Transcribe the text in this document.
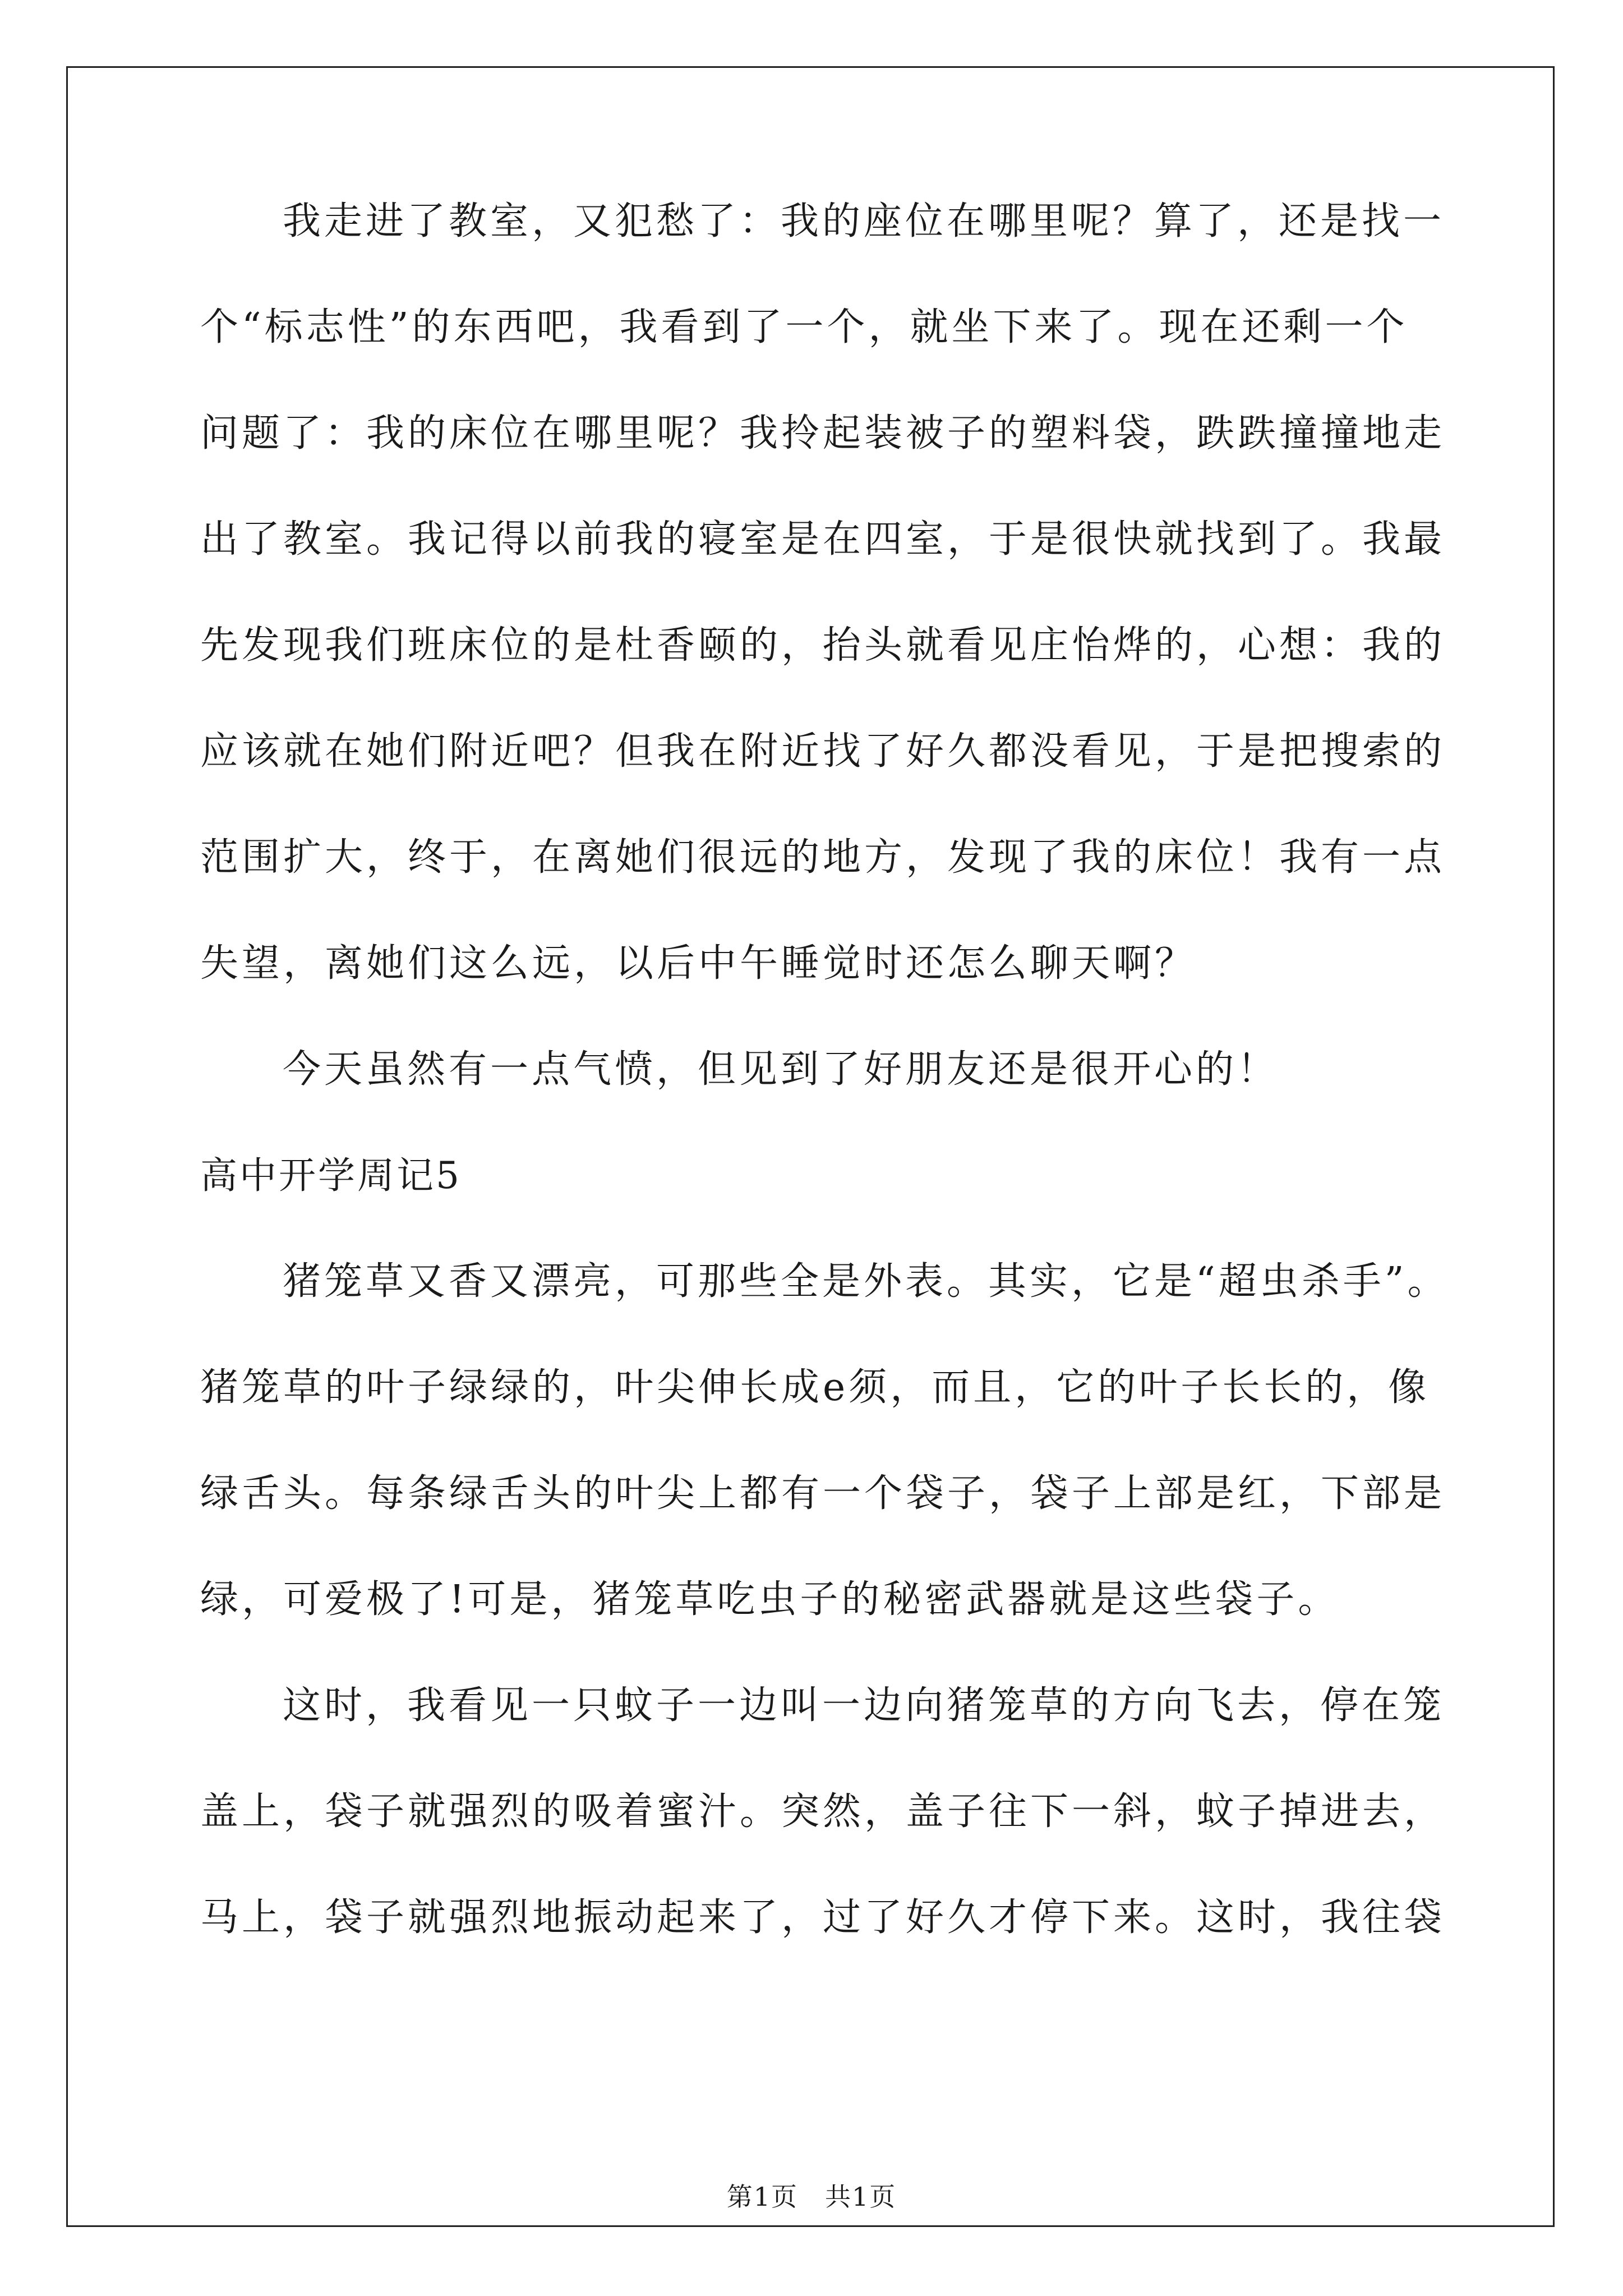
我走进了教室，又犯愁了：我的座位在哪里呢？算了，还是找一
个“标志性”的东西吧，我看到了一个，就坐下来了。现在还剩一个
问题了：我的床位在哪里呢？我拎起装被子的塑料袋，跌跌撞撞地走
出了教室。我记得以前我的寝室是在四室，于是很快就找到了。我最
先发现我们班床位的是杜香颐的，抬头就看见庄怡烨的，心想：我的
应该就在她们附近吧？但我在附近找了好久都没看见，于是把搜索的
范围扩大，终于，在离她们很远的地方，发现了我的床位！我有一点
失望，离她们这么远，以后中午睡觉时还怎么聊天啊？
今天虽然有一点气愤，但见到了好朋友还是很开心的！
高中开学周记5
猪笼草又香又漂亮，可那些全是外表。其实，它是“超虫杀手”。
猪笼草的叶子绿绿的，叶尖伸长成e须，而且，它的叶子长长的，像
绿舌头。每条绿舌头的叶尖上都有一个袋子，袋子上部是红，下部是
绿，可爱极了!可是，猪笼草吃虫子的秘密武器就是这些袋子。
这时，我看见一只蚊子一边叫一边向猪笼草的方向飞去，停在笼
盖上，袋子就强烈的吸着蜜汁。突然，盖子往下一斜，蚊子掉进去，
马上，袋子就强烈地振动起来了，过了好久才停下来。这时，我往袋
第1页　共1页
